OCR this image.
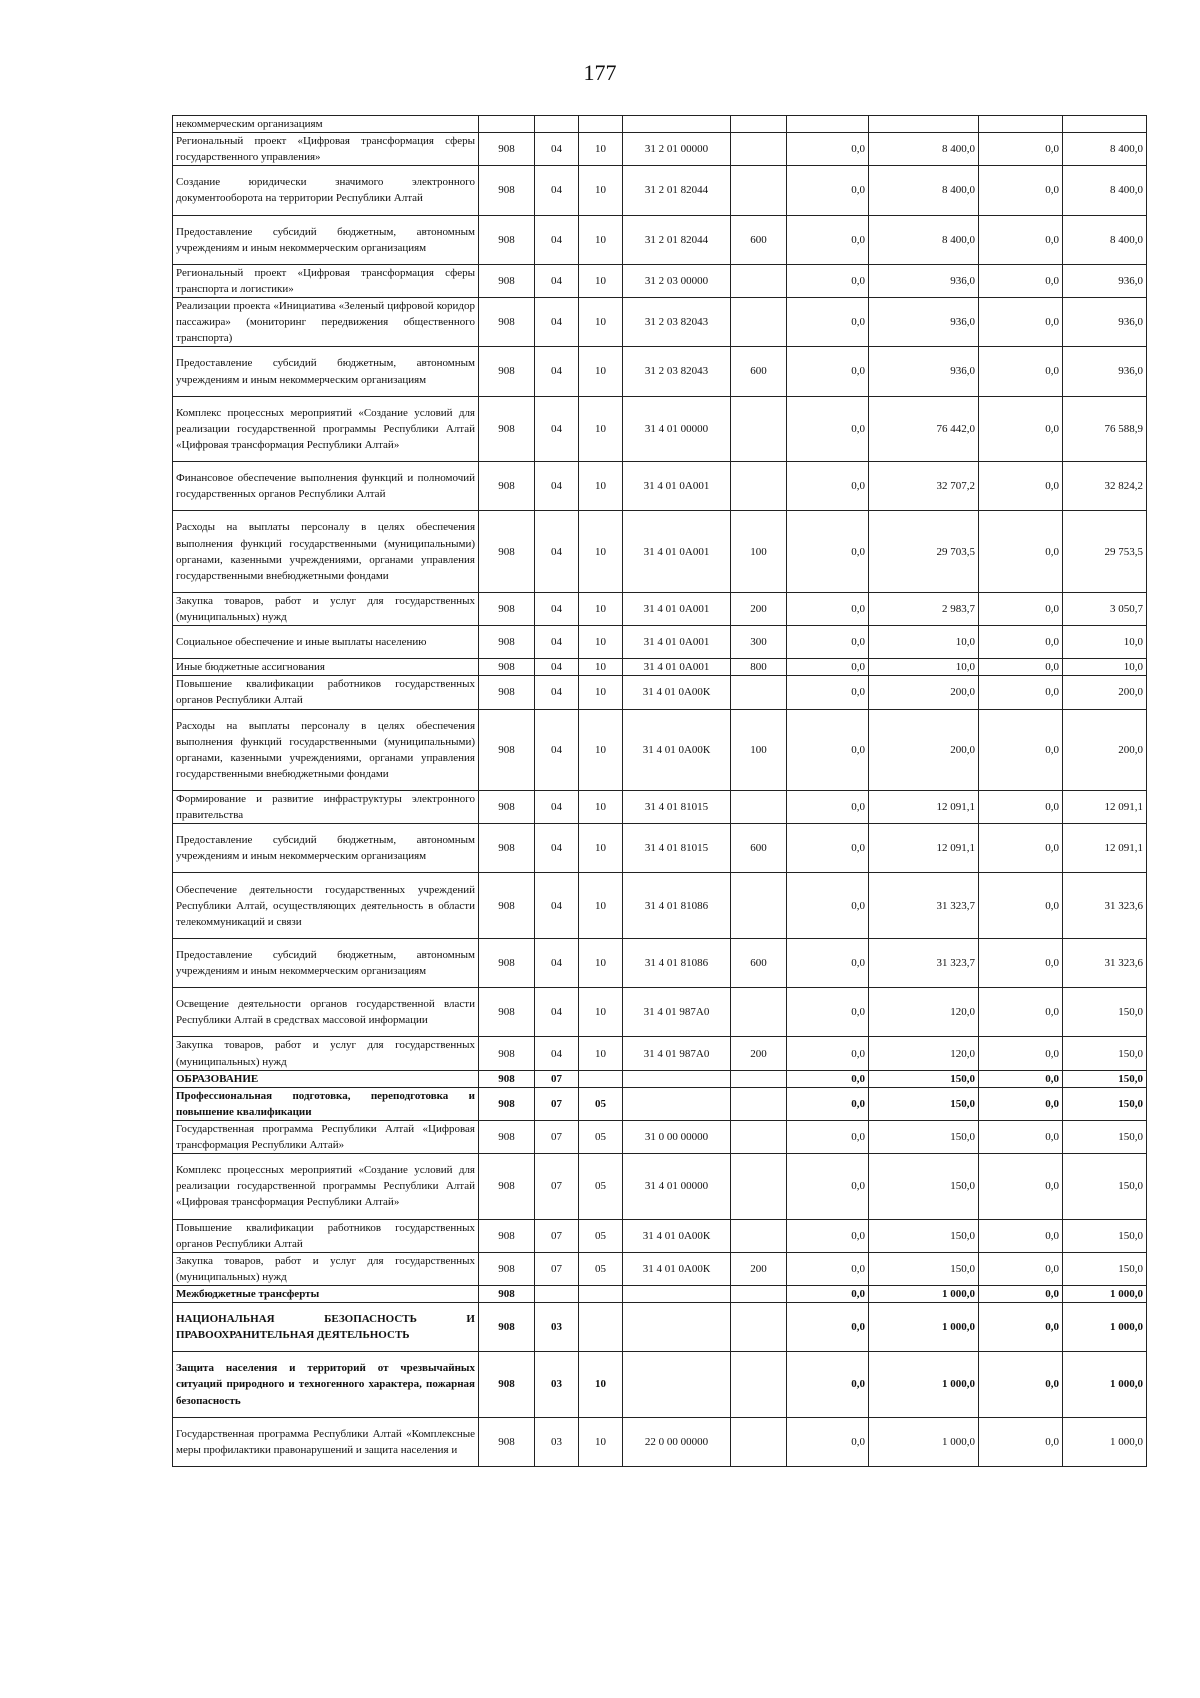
177
некоммерческим организациям									
Региональный проект «Цифровая трансформация сферы государственного управления»	908	04	10	31 2 01 00000		0,0	8 400,0	0,0	8 400,0
Создание юридически значимого электронного документооборота на территории Республики Алтай	908	04	10	31 2 01 82044		0,0	8 400,0	0,0	8 400,0
Предоставление субсидий бюджетным, автономным учреждениям и иным некоммерческим организациям	908	04	10	31 2 01 82044	600	0,0	8 400,0	0,0	8 400,0
Региональный проект «Цифровая трансформация сферы транспорта и логистики»	908	04	10	31 2 03 00000		0,0	936,0	0,0	936,0
Реализации проекта «Инициатива «Зеленый цифровой коридор пассажира» (мониторинг передвижения общественного транспорта)	908	04	10	31 2 03 82043		0,0	936,0	0,0	936,0
Предоставление субсидий бюджетным, автономным учреждениям и иным некоммерческим организациям	908	04	10	31 2 03 82043	600	0,0	936,0	0,0	936,0
Комплекс процессных мероприятий «Создание условий для реализации государственной программы Республики Алтай «Цифровая трансформация Республики Алтай»	908	04	10	31 4 01 00000		0,0	76 442,0	0,0	76 588,9
Финансовое обеспечение выполнения функций и полномочий государственных органов Республики Алтай	908	04	10	31 4 01 0А001		0,0	32 707,2	0,0	32 824,2
Расходы на выплаты персоналу в целях обеспечения выполнения функций государственными (муниципальными) органами, казенными учреждениями, органами управления государственными внебюджетными фондами	908	04	10	31 4 01 0А001	100	0,0	29 703,5	0,0	29 753,5
Закупка товаров, работ и услуг для государственных (муниципальных) нужд	908	04	10	31 4 01 0А001	200	0,0	2 983,7	0,0	3 050,7
Социальное обеспечение и иные выплаты населению	908	04	10	31 4 01 0А001	300	0,0	10,0	0,0	10,0
Иные бюджетные ассигнования	908	04	10	31 4 01 0А001	800	0,0	10,0	0,0	10,0
Повышение квалификации работников государственных органов Республики Алтай	908	04	10	31 4 01 0А00К		0,0	200,0	0,0	200,0
Расходы на выплаты персоналу в целях обеспечения выполнения функций государственными (муниципальными) органами, казенными учреждениями, органами управления государственными внебюджетными фондами	908	04	10	31 4 01 0А00К	100	0,0	200,0	0,0	200,0
Формирование и развитие инфраструктуры электронного правительства	908	04	10	31 4 01 81015		0,0	12 091,1	0,0	12 091,1
Предоставление субсидий бюджетным, автономным учреждениям и иным некоммерческим организациям	908	04	10	31 4 01 81015	600	0,0	12 091,1	0,0	12 091,1
Обеспечение деятельности государственных учреждений Республики Алтай, осуществляющих деятельность в области телекоммуникаций и связи	908	04	10	31 4 01 81086		0,0	31 323,7	0,0	31 323,6
Предоставление субсидий бюджетным, автономным учреждениям и иным некоммерческим организациям	908	04	10	31 4 01 81086	600	0,0	31 323,7	0,0	31 323,6
Освещение деятельности органов государственной власти Республики Алтай в средствах массовой информации	908	04	10	31 4 01 987А0		0,0	120,0	0,0	150,0
Закупка товаров, работ и услуг для государственных (муниципальных) нужд	908	04	10	31 4 01 987А0	200	0,0	120,0	0,0	150,0
ОБРАЗОВАНИЕ	908	07				0,0	150,0	0,0	150,0
Профессиональная подготовка, переподготовка и повышение квалификации	908	07	05			0,0	150,0	0,0	150,0
Государственная программа Республики Алтай «Цифровая трансформация Республики Алтай»	908	07	05	31 0 00 00000		0,0	150,0	0,0	150,0
Комплекс процессных мероприятий «Создание условий для реализации государственной программы Республики Алтай «Цифровая трансформация Республики Алтай»	908	07	05	31 4 01 00000		0,0	150,0	0,0	150,0
Повышение квалификации работников государственных органов Республики Алтай	908	07	05	31 4 01 0А00К		0,0	150,0	0,0	150,0
Закупка товаров, работ и услуг для государственных (муниципальных) нужд	908	07	05	31 4 01 0А00К	200	0,0	150,0	0,0	150,0
Межбюджетные трансферты	908					0,0	1 000,0	0,0	1 000,0
НАЦИОНАЛЬНАЯ БЕЗОПАСНОСТЬ И ПРАВООХРАНИТЕЛЬНАЯ ДЕЯТЕЛЬНОСТЬ	908	03				0,0	1 000,0	0,0	1 000,0
Защита населения и территорий от чрезвычайных ситуаций природного и техногенного характера, пожарная безопасность	908	03	10			0,0	1 000,0	0,0	1 000,0
Государственная программа Республики Алтай «Комплексные меры профилактики правонарушений и защита населения и	908	03	10	22 0 00 00000		0,0	1 000,0	0,0	1 000,0
